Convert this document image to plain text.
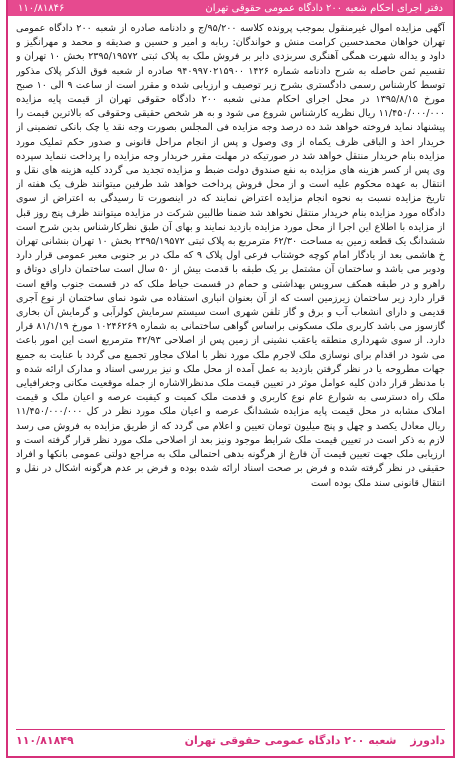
دفتر اجرای احکام شعبه ۲۰۰ دادگاه عمومی حقوقی تهران
۱۱۰/۸۱۸۴۶
آگهی مزایده اموال غیرمنقول بموجب پرونده کلاسه ۹۵/۲۰۰/ج و دادنامه صادره از شعبه ۲۰۰ دادگاه عمومی تهران خواهان محمدحسین کرامت منش و خواندگان: ربابه و امیر و حسین و صدیقه و محمد و مهرانگیز و داود و یداله شهرت همگی آهنگری سربزدی دایر بر فروش ملک به پلاک ثبتی ۲۳۹۵/۱۹۵۷۲ بخش ۱۰ تهران و تقسیم ثمن حاصله به شرح دادنامه شماره ۱۴۲۶ ۹۴۰۹۹۷۰۲۱۵۹۰۰ صادره از شعبه فوق الذکر پلاک مذکور توسط کارشناس رسمی دادگستری بشرح زیر توصیف و ارزیابی شده و مقرر است از ساعت ۹ الی ۱۰ صبح مورخ ۱۳۹۵/۸/۱۵ در محل اجرای احکام مدنی شعبه ۲۰۰ دادگاه حقوقی تهران از قیمت پایه مزایده ۱۱/۴۵۰/۰۰۰/۰۰۰ ریال نظریه کارشناس شروع می شود و به هر شخص حقیقی وحقوقی که بالاترین قیمت را پیشنهاد نماید فروخته خواهد شد ده درصد وجه مزایده فی المجلس بصورت وجه نقد یا چک بانکی تضمینی از خریدار اخذ و الباقی ظرف یکماه از وی وصول و پس از انجام مراحل قانونی و صدور حکم تملیک مورد مزایده بنام خریدار منتقل خواهد شد در صورتیکه در مهلت مقرر خریدار وجه مزایده را پرداخت ننماید سپرده وی پس از کسر هزینه های مزایده به نفع صندوق دولت ضبط و مزایده تجدید می گردد کلیه هزینه های نقل و انتقال به عهده محکوم علیه است و از محل فروش پرداخت خواهد شد طرفین میتوانند ظرف یک هفته از تاریخ مزایده نسبت به نحوه انجام مزایده اعتراض نمایند که در اینصورت تا رسیدگی به اعتراض از سوی دادگاه مورد مزایده بنام خریدار منتقل نخواهد شد ضمنا طالبین شرکت در مزایده میتوانند ظرف پنج روز قبل از مزایده با اطلاع این اجرا از محل مورد مزایده بازدید نمایند و بهای آن طبق نظرکارشناس بدین شرح است ششدانگ یک قطعه زمین به مساحت ۶۲/۳۰ مترمربع به پلاک ثبتی ۲۳۹۵/۱۹۵۷۲ بخش ۱۰ تهران بنشانی تهران خ هاشمی بعد از یادگار امام کوچه خوشتاب فرعی اول پلاک ۹ که ملک در بر جنوبی معبر عمومی قرار دارد ودوبر می باشد و ساختمان آن مشتمل بر یک طبقه با قدمت بیش از ۵۰ سال است ساختمان دارای دوتاق و راهرو و در طبقه همکف سرویس بهداشتی و حمام در قسمت حیاط ملک که در قسمت جنوب واقع است قرار دارد زیر ساختمان زیرزمین است که از آن بعنوان انباری استفاده می شود نمای ساختمان از نوع آجری قدیمی و دارای انشعاب آب و برق و گاز تلفن شهری است سیستم سرمایش کولرآبی و گرمایش آن بخاری گازسوز می باشد کاربری ملک مسکونی براساس گواهی ساختمانی به شماره ۱۰۲۴۶۲۶۹ مورخ ۸۱/۱/۱۹ قرار دارد. از سوی شهرداری منطقه یاعقب نشینی از زمین پس از اصلاحی ۴۲/۹۳ مترمربع است این امور باعث می شود در اقدام برای نوسازی ملک لاجرم ملک مورد نظر با املاک مجاور تجمیع می گردد با عنایت به جمیع جهات مطروحه یا در نظر گرفتن بازدید به عمل آمده از محل ملک و نیز بررسی اسناد و مدارک ارائه شده و با مدنظر قرار دادن کلیه عوامل موثر در تعیین قیمت ملک مدنظرالاشاره از جمله موقعیت مکانی وجغرافیایی ملک راه دسترسی به شوارع عام نوع کاربری و قدمت ملک کمیت و کیفیت عرصه و اعیان ملک و قیمت املاک مشابه در محل قیمت پایه مزایده ششدانگ عرصه و اعیان ملک مورد نظر در کل ۱۱/۴۵۰/۰۰۰/۰۰۰ ریال معادل یکصد و چهل و پنج میلیون تومان تعیین و اعلام می گردد که از طریق مزایده به فروش می رسد لازم به ذکر است در تعیین قیمت ملک شرایط موجود ونیز بعد از اصلاحی ملک مورد نظر قرار گرفته است و ارزیابی ملک جهت تعیین قیمت آن فارغ از هرگونه بدهی احتمالی ملک به مراجع دولتی عمومی بانکها و افراد حقیقی در نظر گرفته شده و فرض بر صحت اسناد ارائه شده بوده و فرض بر عدم هرگونه اشکال در نقل و انتقال قانونی سند ملک بوده است
دادورز
شعبه ۲۰۰ دادگاه عمومی حقوقی تهران
۱۱۰/۸۱۸۴۹
